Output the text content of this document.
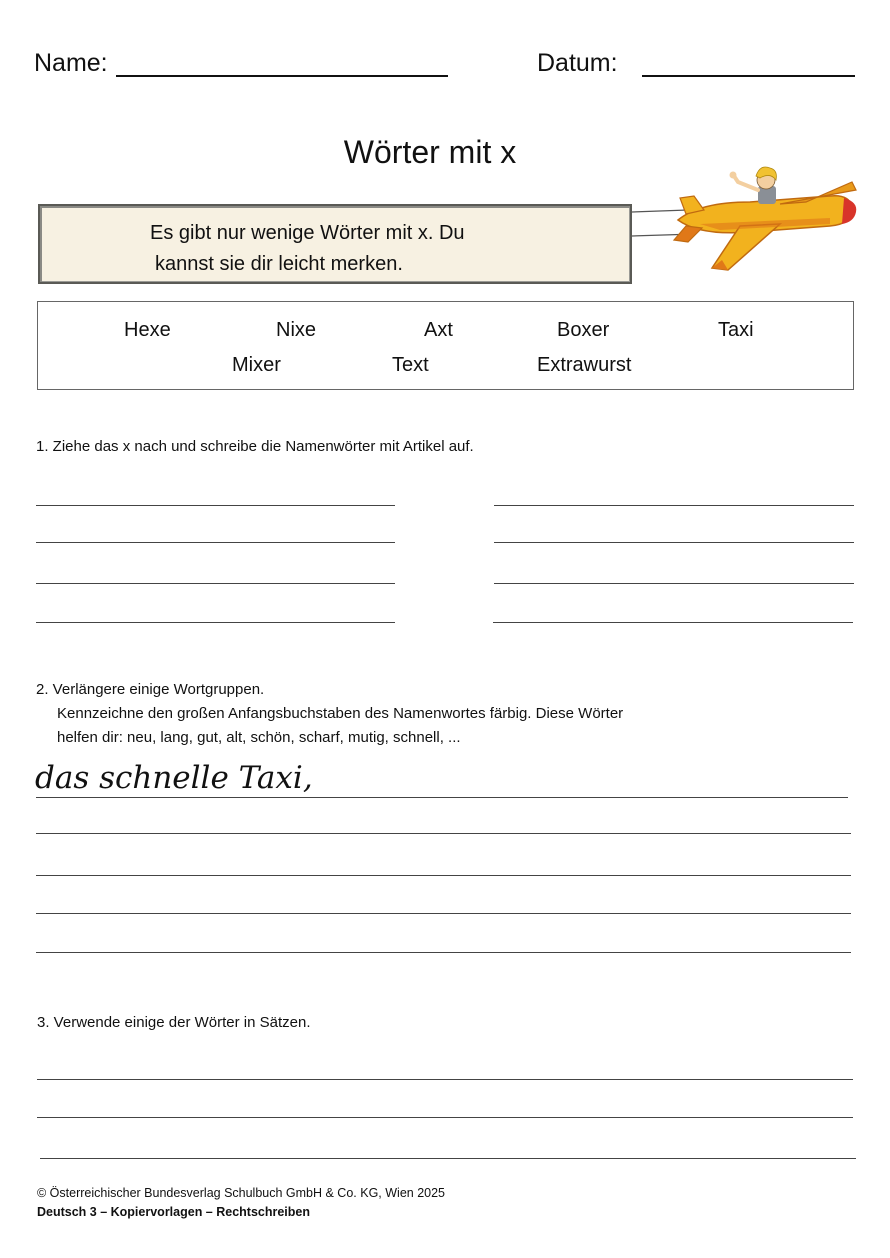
Name:	Datum:
Wörter mit x
Es gibt nur wenige Wörter mit x. Du
kannst sie dir leicht merken.
Hexe	Nixe	Axt	Boxer	Taxi
Mixer	Text	Extrawurst
1. Ziehe das x nach und schreibe die Namenwörter mit Artikel auf.
2. Verlängere einige Wortgruppen.
Kennzeichne den großen Anfangsbuchstaben des Namenwortes färbig. Diese Wörter
helfen dir: neu, lang, gut, alt, schön, scharf, mutig, schnell, ...
das schnelle Taxi,
3. Verwende einige der Wörter in Sätzen.
© Österreichischer Bundesverlag Schulbuch GmbH & Co. KG, Wien 2025
Deutsch 3 – Kopiervorlagen – Rechtschreiben
